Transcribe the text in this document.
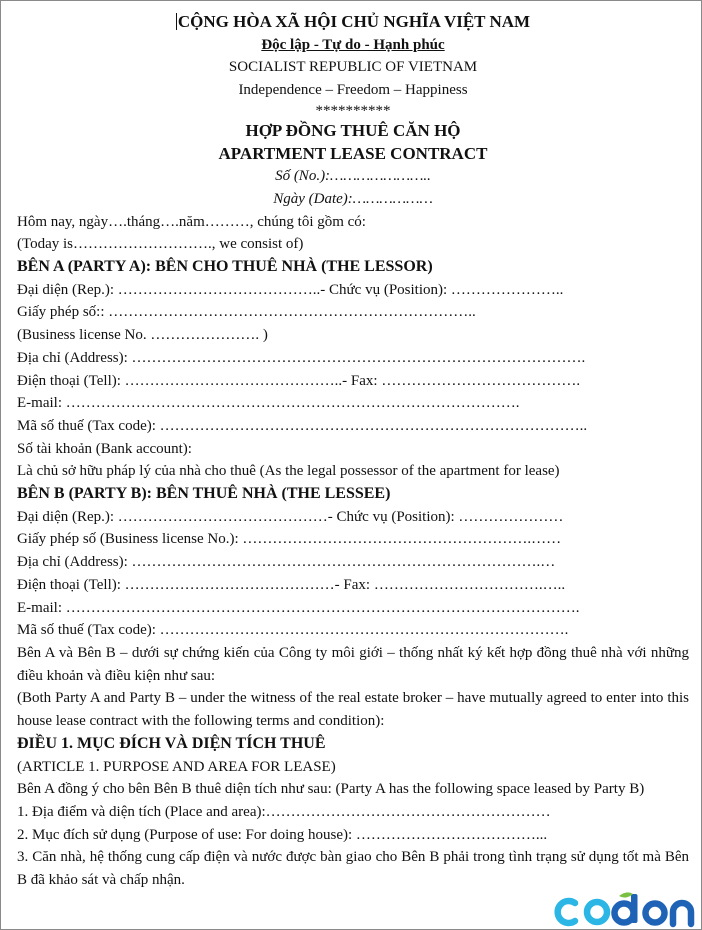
CỘNG HÒA XÃ HỘI CHỦ NGHĨA VIỆT NAM
Độc lập - Tự do - Hạnh phúc
SOCIALIST REPUBLIC OF VIETNAM
Independence – Freedom – Happiness
**********
HỢP ĐỒNG THUÊ CĂN HỘ
APARTMENT LEASE CONTRACT
Số (No.):…………………..
Ngày (Date):………………
Hôm nay, ngày….tháng….năm………, chúng tôi gồm có:
(Today is………………………., we consist of)
BÊN A (PARTY A): BÊN CHO THUÊ NHÀ (THE LESSOR)
Đại diện (Rep.): …………………………………..- Chức vụ (Position): …………………..
Giấy phép số:: ………………………………………………………………..
(Business license No. …………………. )
Địa chỉ (Address): ……………………………………………………………………………….
Điện thoại (Tell): ……………………………………..- Fax: ………………………………….
E-mail: ……………………………………………………………………………….
Mã số thuế (Tax code): …………………………………………………………………………..
Số tài khoản (Bank account):
Là chủ sở hữu pháp lý của nhà cho thuê (As the legal possessor of the apartment for lease)
BÊN B (PARTY B): BÊN THUÊ NHÀ (THE LESSEE)
Đại diện (Rep.): ……………………………………- Chức vụ (Position): …………………
Giấy phép số (Business license No.): ………………………………………………….……
Địa chỉ (Address): ……………………………………………………………………….…
Điện thoại (Tell): ……………………………………- Fax: …………………………….…..
E-mail: ………………………………………………………………………………………….
Mã số thuế (Tax code): ……………………………………………………………………….
Bên A và Bên B – dưới sự chứng kiến của Công ty môi giới – thống nhất ký kết hợp đồng thuê nhà với những điều khoản và điều kiện như sau:
(Both Party A and Party B – under the witness of the real estate broker – have mutually agreed to enter into this house lease contract with the following terms and condition):
ĐIỀU 1. MỤC ĐÍCH VÀ DIỆN TÍCH THUÊ
(ARTICLE 1. PURPOSE AND AREA FOR LEASE)
Bên A đồng ý cho bên Bên B thuê diện tích như sau: (Party A has the following space leased by Party B)
1. Địa điểm và diện tích (Place and area):…………………………………………………
2. Mục đích sử dụng (Purpose of use: For doing house): ………………………………...
3. Căn nhà, hệ thống cung cấp điện và nước được bàn giao cho Bên B phải trong tình trạng sử dụng tốt mà Bên B đã khảo sát và chấp nhận.
